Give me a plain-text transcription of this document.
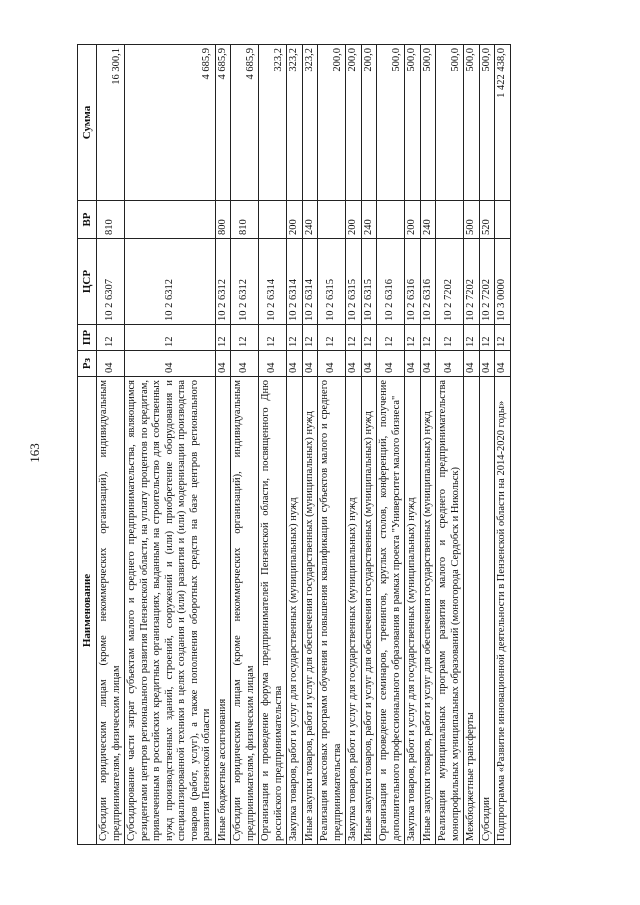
163
Наименование	Рз	ПР	ЦСР	ВР	Сумма
Субсидии юридическим лицам (кроме некоммерческих организаций), индивидуальным предпринимателям, физическим лицам	04	12	10 2 6307	810	16 300,1
Субсидирование части затрат субъектам малого и среднего предпринимательства, являющимся резидентами центров регионального развития Пензенской области, на уплату процентов по кредитам, привлеченным в российских кредитных организациях, выданным на строительство для собственных нужд производственных зданий, строений, сооружений и (или) приобретение оборудования и специализированной техники в целях создания и (или) развития и (или) модернизации производства товаров (работ, услуг), а также пополнения оборотных средств на базе центров регионального развития Пензенской области	04	12	10 2 6312		4 685,9
Иные бюджетные ассигнования	04	12	10 2 6312	800	4 685,9
Субсидии юридическим лицам (кроме некоммерческих организаций), индивидуальным предпринимателям, физическим лицам	04	12	10 2 6312	810	4 685,9
Организация и проведение форума предпринимателей Пензенской области, посвященного Дню российского предпринимательства	04	12	10 2 6314		323,2
Закупка товаров, работ и услуг для государственных (муниципальных) нужд	04	12	10 2 6314	200	323,2
Иные закупки товаров, работ и услуг для обеспечения государственных (муниципальных) нужд	04	12	10 2 6314	240	323,2
Реализация массовых программ обучения и повышения квалификации субъектов малого и среднего предпринимательства	04	12	10 2 6315		200,0
Закупка товаров, работ и услуг для государственных (муниципальных) нужд	04	12	10 2 6315	200	200,0
Иные закупки товаров, работ и услуг для обеспечения государственных (муниципальных) нужд	04	12	10 2 6315	240	200,0
Организация и проведение семинаров, тренингов, круглых столов, конференций, получение дополнительного профессионального образования в рамках проекта "Университет малого бизнеса"	04	12	10 2 6316		500,0
Закупка товаров, работ и услуг для государственных (муниципальных) нужд	04	12	10 2 6316	200	500,0
Иные закупки товаров, работ и услуг для обеспечения государственных (муниципальных) нужд	04	12	10 2 6316	240	500,0
Реализация муниципальных программ развития малого и среднего предпринимательства монопрофильных муниципальных образований (моногорода Сердобск и Никольск)	04	12	10 2 7202		500,0
Межбюджетные трансферты	04	12	10 2 7202	500	500,0
Субсидии	04	12	10 2 7202	520	500,0
Подпрограмма «Развитие инновационной деятельности в Пензенской области на 2014-2020 годы»	04	12	10 3 0000		1 422 438,0
